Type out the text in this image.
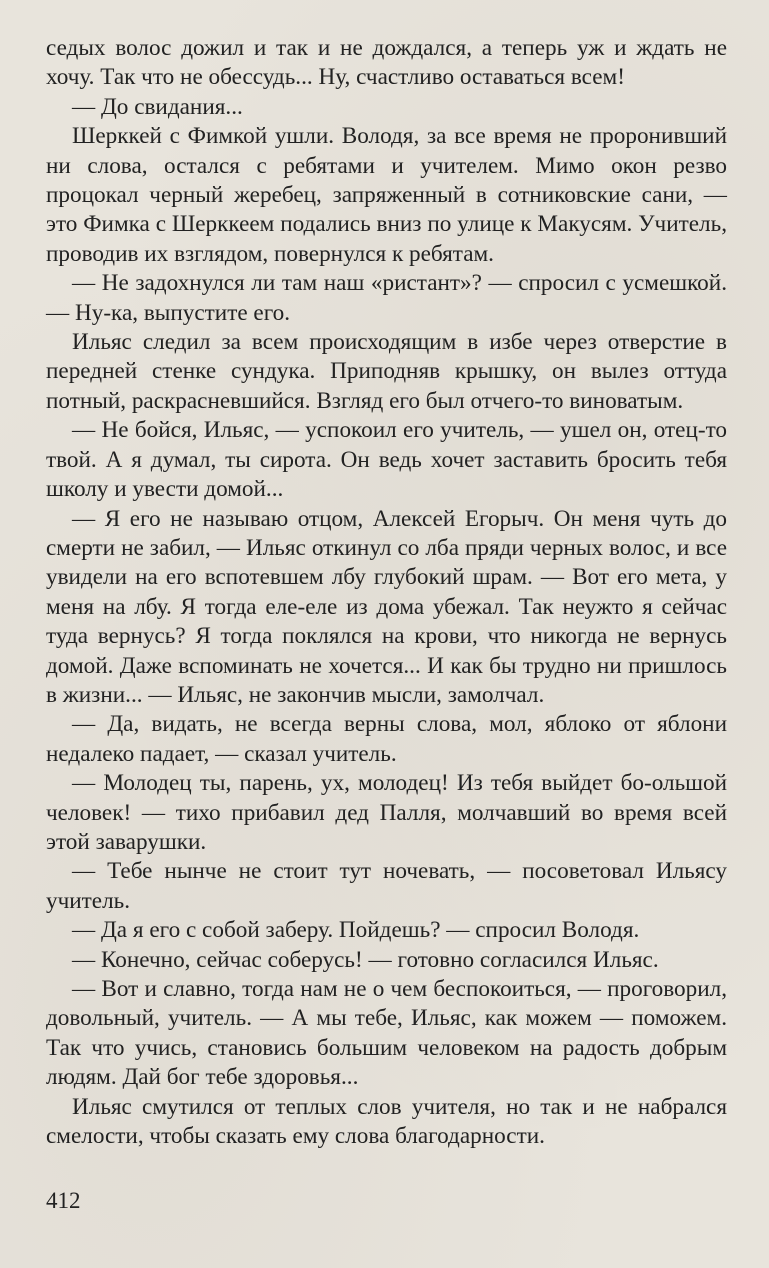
седых волос дожил и так и не дождался, а теперь уж и ждать не хочу. Так что не обессудь... Ну, счастливо оставаться всем!

— До свидания...

Шерккей с Фимкой ушли. Володя, за все время не проронивший ни слова, остался с ребятами и учителем. Мимо окон резво процокал черный жеребец, запряженный в сотниковские сани, — это Фимка с Шерккеем подались вниз по улице к Макусям. Учитель, проводив их взглядом, повернулся к ребятам.

— Не задохнулся ли там наш «ристант»? — спросил с усмешкой. — Ну-ка, выпустите его.

Ильяс следил за всем происходящим в избе через отверстие в передней стенке сундука. Приподняв крышку, он вылез оттуда потный, раскрасневшийся. Взгляд его был отчего-то виноватым.

— Не бойся, Ильяс, — успокоил его учитель, — ушел он, отец-то твой. А я думал, ты сирота. Он ведь хочет заставить бросить тебя школу и увести домой...

— Я его не называю отцом, Алексей Егорыч. Он меня чуть до смерти не забил, — Ильяс откинул со лба пряди черных волос, и все увидели на его вспотевшем лбу глубокий шрам. — Вот его мета, у меня на лбу. Я тогда еле-еле из дома убежал. Так неужто я сейчас туда вернусь? Я тогда поклялся на крови, что никогда не вернусь домой. Даже вспоминать не хочется... И как бы трудно ни пришлось в жизни... — Ильяс, не закончив мысли, замолчал.

— Да, видать, не всегда верны слова, мол, яблоко от яблони недалеко падает, — сказал учитель.

— Молодец ты, парень, ух, молодец! Из тебя выйдет бо-ольшой человек! — тихо прибавил дед Палля, молчавший во время всей этой заварушки.

— Тебе нынче не стоит тут ночевать, — посоветовал Ильясу учитель.

— Да я его с собой заберу. Пойдешь? — спросил Володя.

— Конечно, сейчас соберусь! — готовно согласился Ильяс.

— Вот и славно, тогда нам не о чем беспокоиться, — проговорил, довольный, учитель. — А мы тебе, Ильяс, как можем — поможем. Так что учись, становись большим человеком на радость добрым людям. Дай бог тебе здоровья...

Ильяс смутился от теплых слов учителя, но так и не набрался смелости, чтобы сказать ему слова благодарности.

412
